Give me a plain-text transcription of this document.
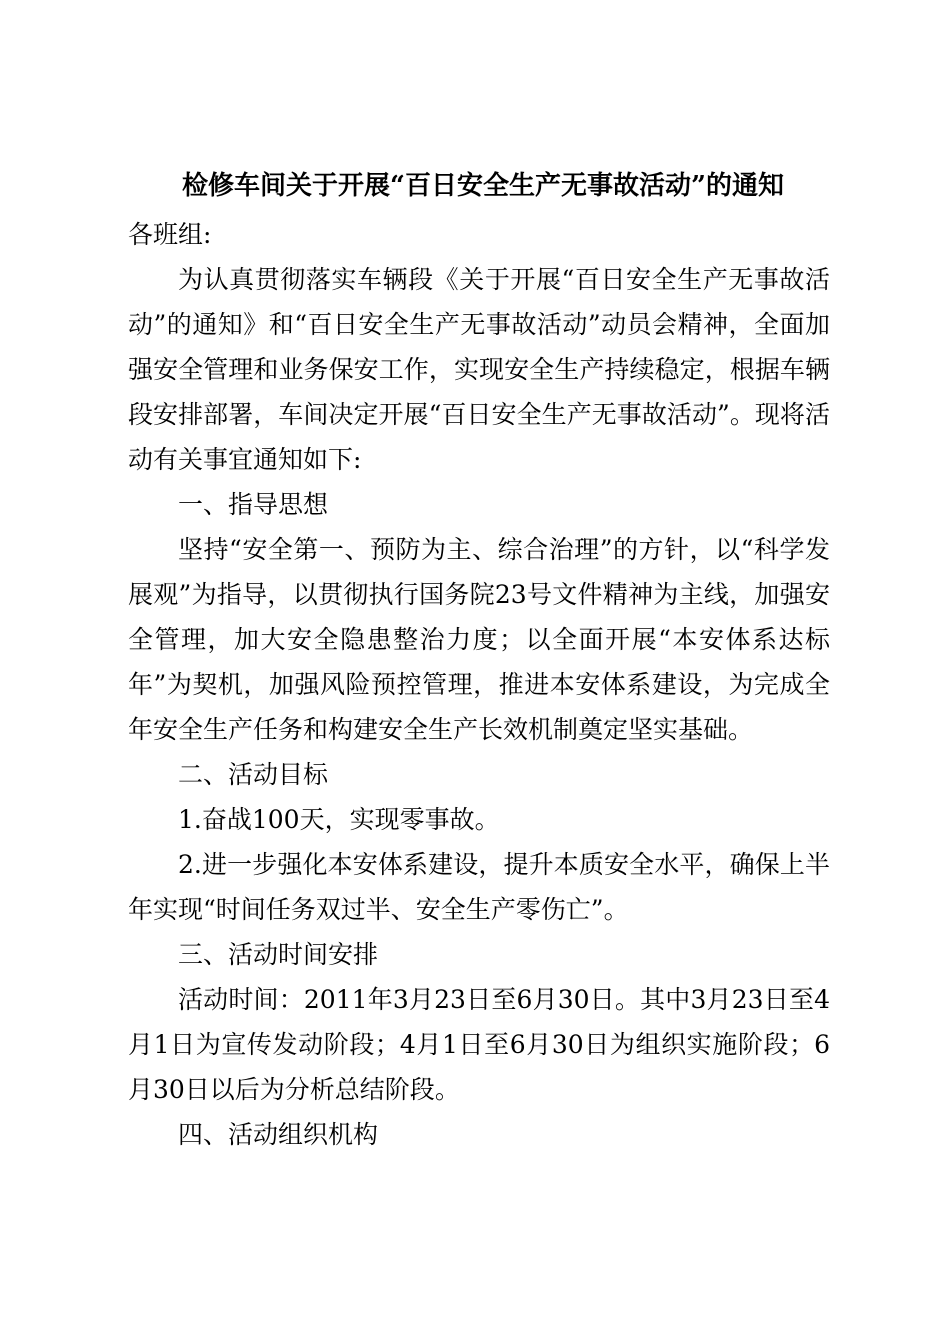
检修车间关于开展“百日安全生产无事故活动”的通知

各班组:

为认真贯彻落实车辆段《关于开展“百日安全生产无事故活动”的通知》和“百日安全生产无事故活动”动员会精神，全面加强安全管理和业务保安工作，实现安全生产持续稳定，根据车辆段安排部署，车间决定开展“百日安全生产无事故活动”。现将活动有关事宜通知如下:

一、指导思想

坚持“安全第一、预防为主、综合治理”的方针，以“科学发展观”为指导，以贯彻执行国务院23号文件精神为主线，加强安全管理，加大安全隐患整治力度；以全面开展“本安体系达标年”为契机，加强风险预控管理，推进本安体系建设，为完成全年安全生产任务和构建安全生产长效机制奠定坚实基础。

二、活动目标

1.奋战100天，实现零事故。

2.进一步强化本安体系建设，提升本质安全水平，确保上半年实现“时间任务双过半、安全生产零伤亡”。

三、活动时间安排

活动时间：2011年3月23日至6月30日。其中3月23日至4月1日为宣传发动阶段；4月1日至6月30日为组织实施阶段；6月30日以后为分析总结阶段。

四、活动组织机构
